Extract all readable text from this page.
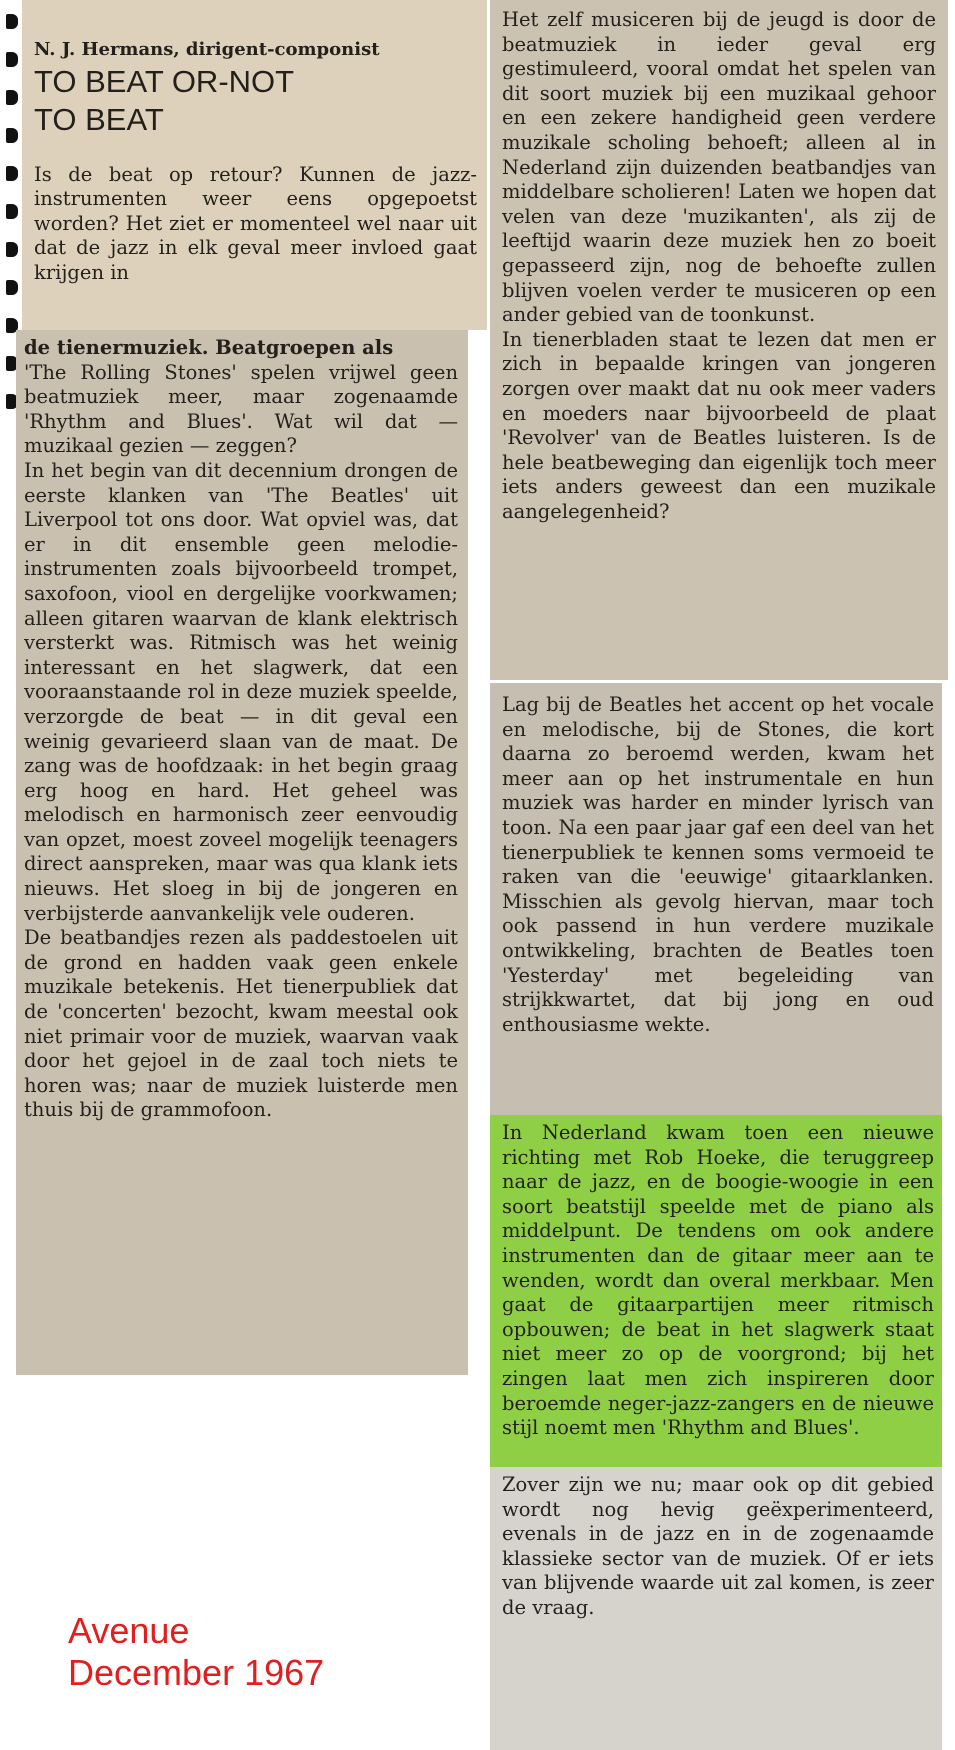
N. J. Hermans, dirigent-componist

TO BEAT OR-NOT
TO BEAT

Is de beat op retour? Kunnen de jazz-instrumenten weer eens opgepoetst worden? Het ziet er momenteel wel naar uit dat de jazz in elk geval meer invloed gaat krijgen in

de tienermuziek. Beatgroepen als

'The Rolling Stones' spelen vrijwel geen beatmuziek meer, maar zogenaamde 'Rhythm and Blues'. Wat wil dat — muzikaal gezien — zeggen?

In het begin van dit decennium drongen de eerste klanken van 'The Beatles' uit Liverpool tot ons door. Wat opviel was, dat er in dit ensemble geen melodie-instrumenten zoals bijvoorbeeld trompet, saxofoon, viool en dergelijke voorkwamen; alleen gitaren waarvan de klank elektrisch versterkt was. Ritmisch was het weinig interessant en het slagwerk, dat een vooraanstaande rol in deze muziek speelde, verzorgde de beat — in dit geval een weinig gevarieerd slaan van de maat. De zang was de hoofdzaak: in het begin graag erg hoog en hard. Het geheel was melodisch en harmonisch zeer eenvoudig van opzet, moest zoveel mogelijk teenagers direct aanspreken, maar was qua klank iets nieuws. Het sloeg in bij de jongeren en verbijsterde aanvankelijk vele ouderen.

De beatbandjes rezen als paddestoelen uit de grond en hadden vaak geen enkele muzikale betekenis. Het tienerpubliek dat de 'concerten' bezocht, kwam meestal ook niet primair voor de muziek, waarvan vaak door het gejoel in de zaal toch niets te horen was; naar de muziek luisterde men thuis bij de grammofoon.

Het zelf musiceren bij de jeugd is door de beatmuziek in ieder geval erg gestimuleerd, vooral omdat het spelen van dit soort muziek bij een muzikaal gehoor en een zekere handigheid geen verdere muzikale scholing behoeft; alleen al in Nederland zijn duizenden beatbandjes van middelbare scholieren! Laten we hopen dat velen van deze 'muzikanten', als zij de leeftijd waarin deze muziek hen zo boeit gepasseerd zijn, nog de behoefte zullen blijven voelen verder te musiceren op een ander gebied van de toonkunst.

In tienerbladen staat te lezen dat men er zich in bepaalde kringen van jongeren zorgen over maakt dat nu ook meer vaders en moeders naar bijvoorbeeld de plaat 'Revolver' van de Beatles luisteren. Is de hele beatbeweging dan eigenlijk toch meer iets anders geweest dan een muzikale aangelegenheid?

Lag bij de Beatles het accent op het vocale en melodische, bij de Stones, die kort daarna zo beroemd werden, kwam het meer aan op het instrumentale en hun muziek was harder en minder lyrisch van toon. Na een paar jaar gaf een deel van het tienerpubliek te kennen soms vermoeid te raken van die 'eeuwige' gitaarklanken. Misschien als gevolg hiervan, maar toch ook passend in hun verdere muzikale ontwikkeling, brachten de Beatles toen 'Yesterday' met begeleiding van strijkkwartet, dat bij jong en oud enthousiasme wekte.

In Nederland kwam toen een nieuwe richting met Rob Hoeke, die teruggreep naar de jazz, en de boogie-woogie in een soort beatstijl speelde met de piano als middelpunt. De tendens om ook andere instrumenten dan de gitaar meer aan te wenden, wordt dan overal merkbaar. Men gaat de gitaarpartijen meer ritmisch opbouwen; de beat in het slagwerk staat niet meer zo op de voorgrond; bij het zingen laat men zich inspireren door beroemde neger-jazz-zangers en de nieuwe stijl noemt men 'Rhythm and Blues'.

Zover zijn we nu; maar ook op dit gebied wordt nog hevig geëxperimenteerd, evenals in de jazz en in de zogenaamde klassieke sector van de muziek. Of er iets van blijvende waarde uit zal komen, is zeer de vraag.

Avenue
December 1967
